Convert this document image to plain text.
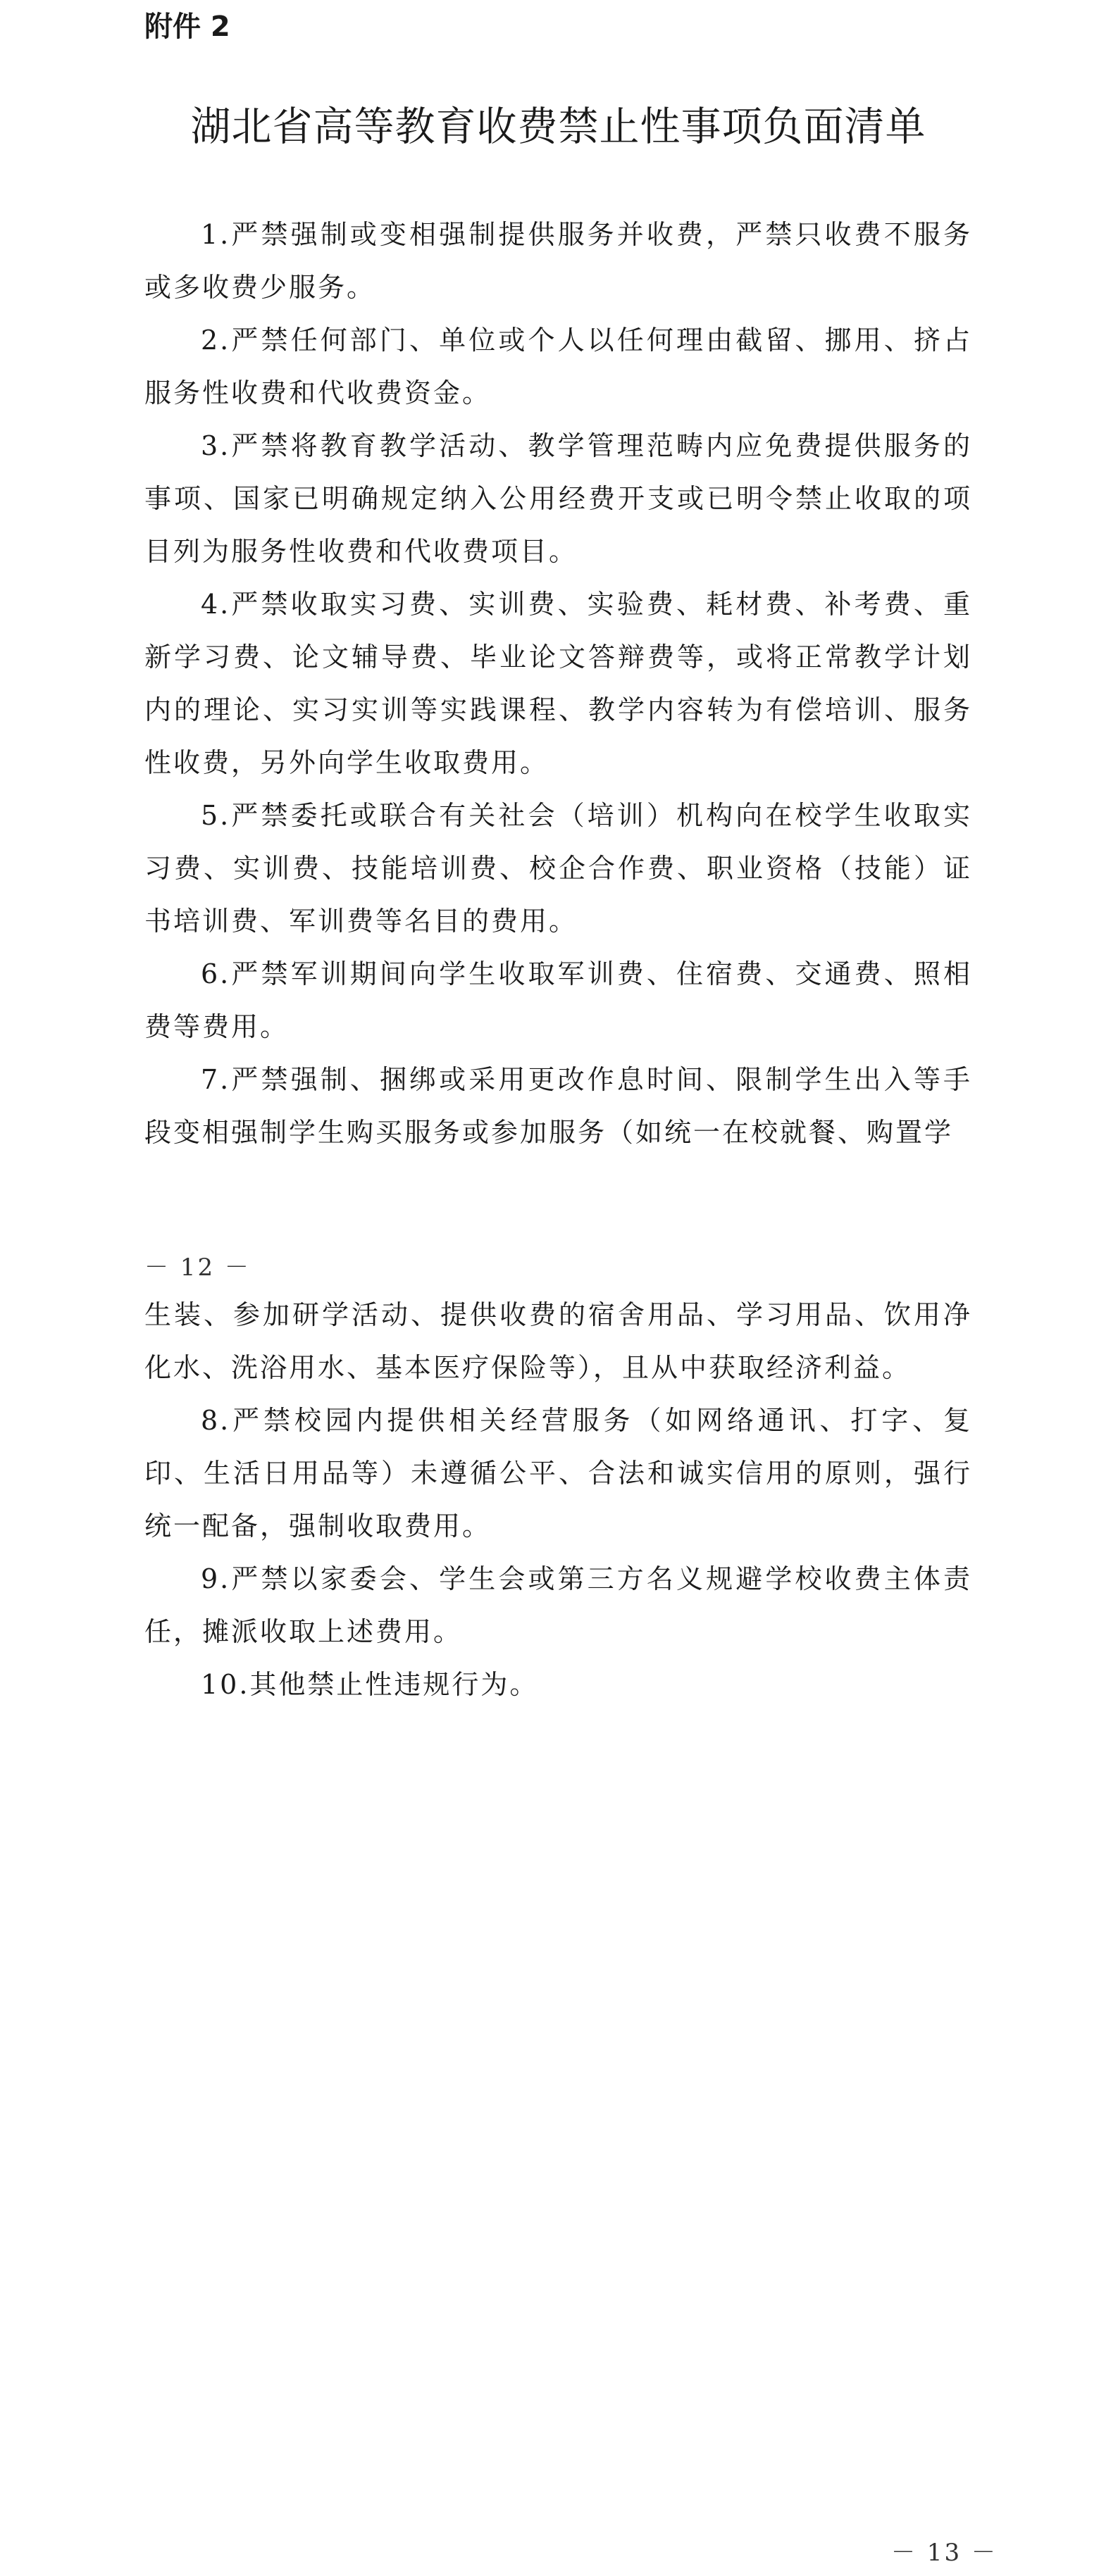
附件 2
湖北省高等教育收费禁止性事项负面清单

1.严禁强制或变相强制提供服务并收费，严禁只收费不服务或多收费少服务。

2.严禁任何部门、单位或个人以任何理由截留、挪用、挤占服务性收费和代收费资金。

3.严禁将教育教学活动、教学管理范畴内应免费提供服务的事项、国家已明确规定纳入公用经费开支或已明令禁止收取的项目列为服务性收费和代收费项目。

4.严禁收取实习费、实训费、实验费、耗材费、补考费、重新学习费、论文辅导费、毕业论文答辩费等，或将正常教学计划内的理论、实习实训等实践课程、教学内容转为有偿培训、服务性收费，另外向学生收取费用。

5.严禁委托或联合有关社会（培训）机构向在校学生收取实习费、实训费、技能培训费、校企合作费、职业资格（技能）证书培训费、军训费等名目的费用。

6.严禁军训期间向学生收取军训费、住宿费、交通费、照相费等费用。

7.严禁强制、捆绑或采用更改作息时间、限制学生出入等手段变相强制学生购买服务或参加服务（如统一在校就餐、购置学

－ 12 －

生装、参加研学活动、提供收费的宿舍用品、学习用品、饮用净化水、洗浴用水、基本医疗保险等），且从中获取经济利益。

8.严禁校园内提供相关经营服务（如网络通讯、打字、复印、生活日用品等）未遵循公平、合法和诚实信用的原则，强行统一配备，强制收取费用。

9.严禁以家委会、学生会或第三方名义规避学校收费主体责任，摊派收取上述费用。

10.其他禁止性违规行为。

－ 13 －
